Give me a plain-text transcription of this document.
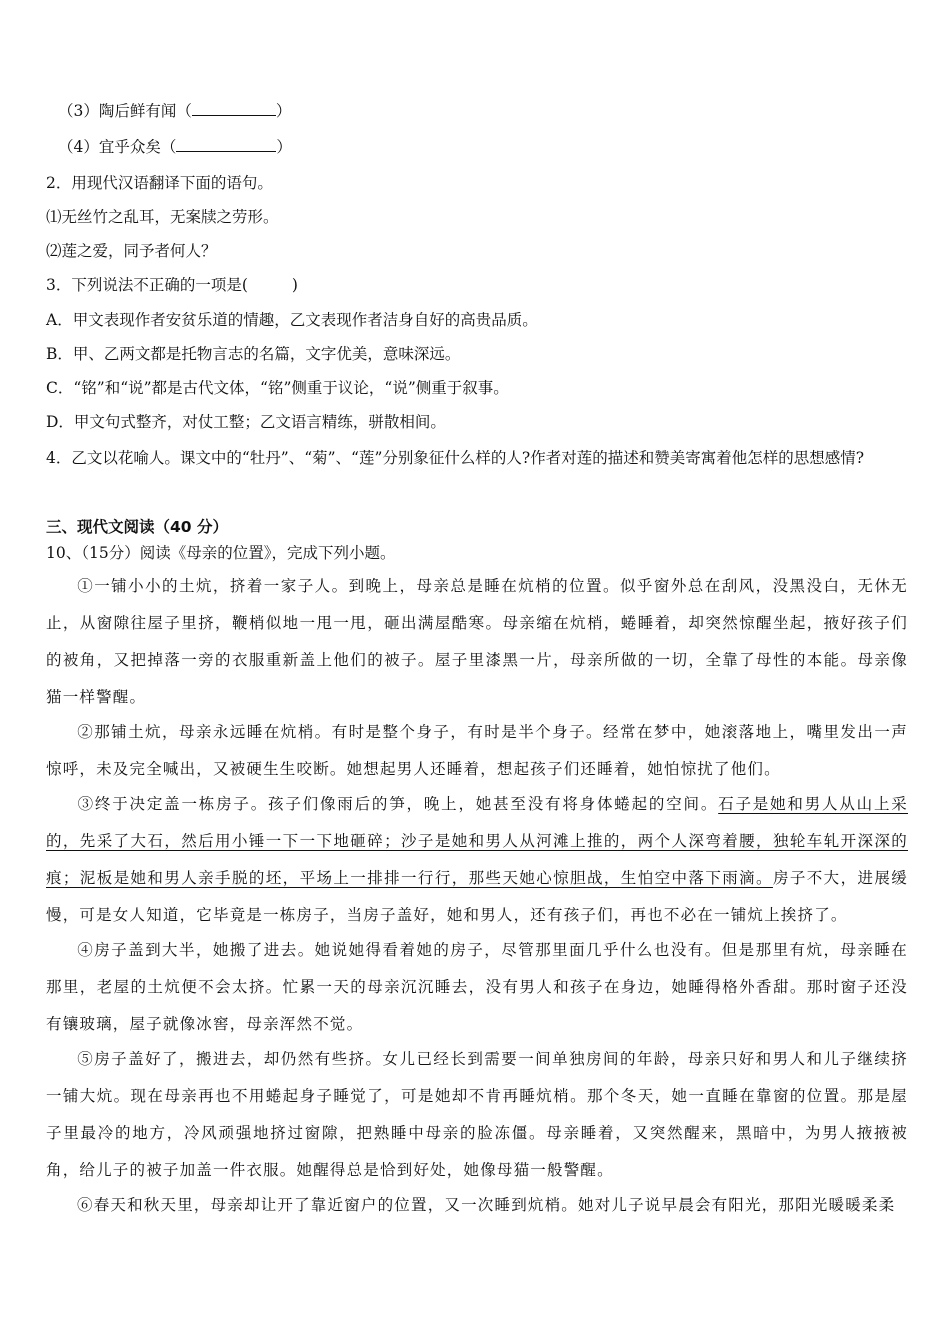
（3）陶后鲜有闻（	）
（4）宜乎众矣（	）
2．用现代汉语翻译下面的语句。
⑴无丝竹之乱耳，无案牍之劳形。
⑵莲之爱，同予者何人？
3．下列说法不正确的一项是(	)
A．甲文表现作者安贫乐道的情趣，乙文表现作者洁身自好的高贵品质。
B．甲、乙两文都是托物言志的名篇，文字优美，意味深远。
C．“铭”和“说”都是古代文体，“铭”侧重于议论，“说”侧重于叙事。
D．甲文句式整齐，对仗工整；乙文语言精练，骈散相间。
4．乙文以花喻人。课文中的“牡丹”、“菊”、“莲”分别象征什么样的人?作者对莲的描述和赞美寄寓着他怎样的思想感情?
三、现代文阅读（40 分）
10、（15分）阅读《母亲的位置》，完成下列小题。
①一铺小小的土炕，挤着一家子人。到晚上，母亲总是睡在炕梢的位置。似乎窗外总在刮风，没黑没白，无休无止，从窗隙往屋子里挤，鞭梢似地一甩一甩，砸出满屋酷寒。母亲缩在炕梢，蜷睡着，却突然惊醒坐起，掖好孩子们的被角，又把掉落一旁的衣服重新盖上他们的被子。屋子里漆黑一片，母亲所做的一切，全靠了母性的本能。母亲像猫一样警醒。
②那铺土炕，母亲永远睡在炕梢。有时是整个身子，有时是半个身子。经常在梦中，她滚落地上，嘴里发出一声惊呼，未及完全喊出，又被硬生生咬断。她想起男人还睡着，想起孩子们还睡着，她怕惊扰了他们。
③终于决定盖一栋房子。孩子们像雨后的笋，晚上，她甚至没有将身体蜷起的空间。石子是她和男人从山上采的，先采了大石，然后用小锤一下一下地砸碎；沙子是她和男人从河滩上推的，两个人深弯着腰，独轮车轧开深深的痕；泥板是她和男人亲手脱的坯，平场上一排排一行行，那些天她心惊胆战，生怕空中落下雨滴。房子不大，进展缓慢，可是女人知道，它毕竟是一栋房子，当房子盖好，她和男人，还有孩子们，再也不必在一铺炕上挨挤了。
④房子盖到大半，她搬了进去。她说她得看着她的房子，尽管那里面几乎什么也没有。但是那里有炕，母亲睡在那里，老屋的土炕便不会太挤。忙累一天的母亲沉沉睡去，没有男人和孩子在身边，她睡得格外香甜。那时窗子还没有镶玻璃，屋子就像冰窖，母亲浑然不觉。
⑤房子盖好了，搬进去，却仍然有些挤。女儿已经长到需要一间单独房间的年龄，母亲只好和男人和儿子继续挤一铺大炕。现在母亲再也不用蜷起身子睡觉了，可是她却不肯再睡炕梢。那个冬天，她一直睡在靠窗的位置。那是屋子里最冷的地方，冷风顽强地挤过窗隙，把熟睡中母亲的脸冻僵。母亲睡着，又突然醒来，黑暗中，为男人掖掖被角，给儿子的被子加盖一件衣服。她醒得总是恰到好处，她像母猫一般警醒。
⑥春天和秋天里，母亲却让开了靠近窗户的位置，又一次睡到炕梢。她对儿子说早晨会有阳光，那阳光暖暖柔柔
